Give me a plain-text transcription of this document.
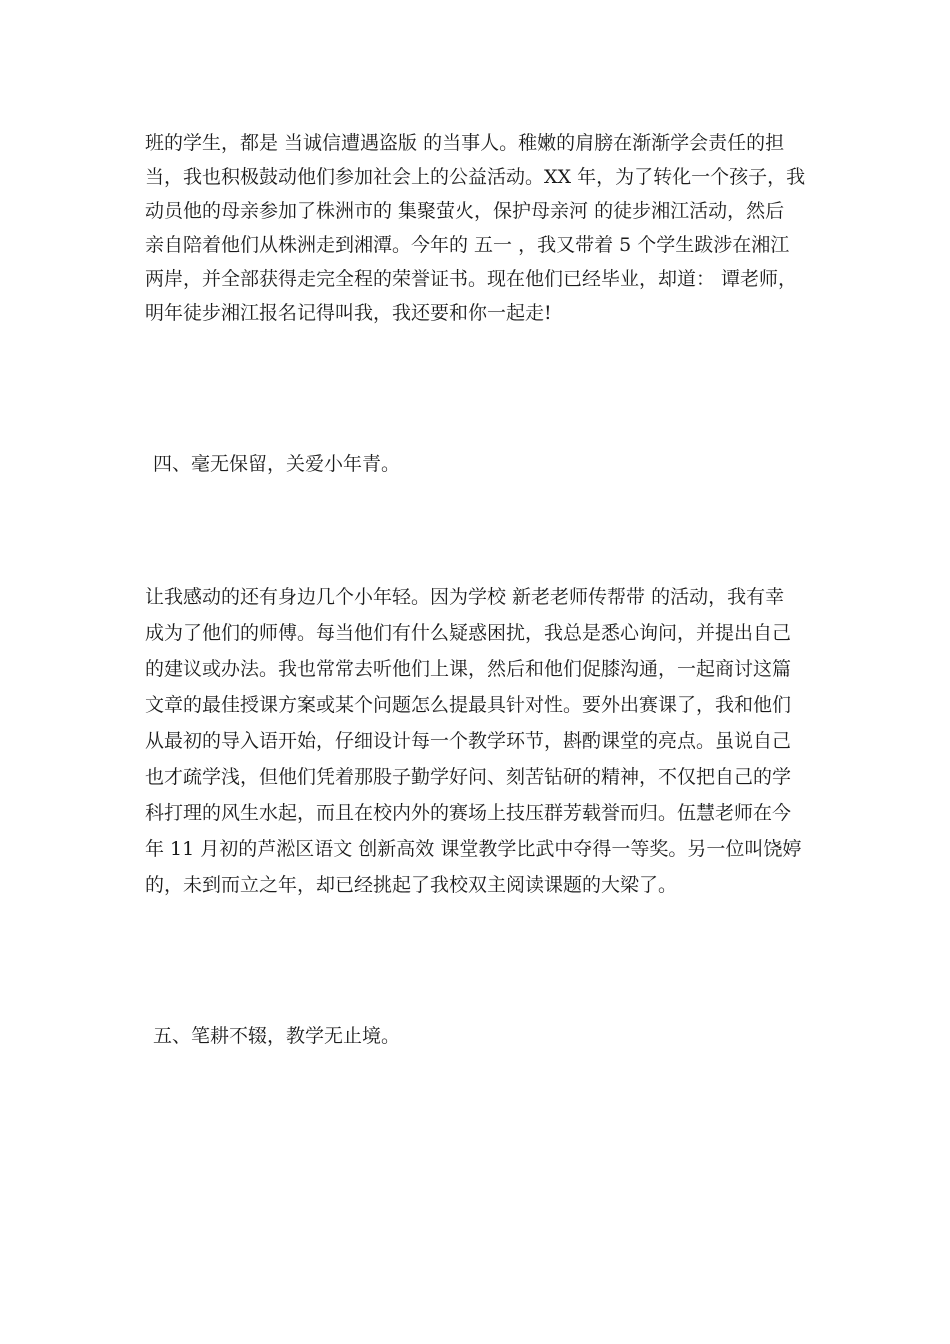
班的学生，都是 当诚信遭遇盗版 的当事人。稚嫩的肩膀在渐渐学会责任的担
当，我也积极鼓动他们参加社会上的公益活动。XX 年，为了转化一个孩子，我
动员他的母亲参加了株洲市的 集聚萤火，保护母亲河 的徒步湘江活动，然后
亲自陪着他们从株洲走到湘潭。今年的 五一 ，我又带着 5 个学生跋涉在湘江
两岸，并全部获得走完全程的荣誉证书。现在他们已经毕业，却道： 谭老师，
明年徒步湘江报名记得叫我，我还要和你一起走!
四、毫无保留，关爱小年青。
让我感动的还有身边几个小年轻。因为学校 新老老师传帮带 的活动，我有幸
成为了他们的师傅。每当他们有什么疑惑困扰，我总是悉心询问，并提出自己
的建议或办法。我也常常去听他们上课，然后和他们促膝沟通，一起商讨这篇
文章的最佳授课方案或某个问题怎么提最具针对性。要外出赛课了，我和他们
从最初的导入语开始，仔细设计每一个教学环节，斟酌课堂的亮点。虽说自己
也才疏学浅，但他们凭着那股子勤学好问、刻苦钻研的精神，不仅把自己的学
科打理的风生水起，而且在校内外的赛场上技压群芳载誉而归。伍慧老师在今
年 11 月初的芦淞区语文 创新高效 课堂教学比武中夺得一等奖。另一位叫饶婷
的，未到而立之年，却已经挑起了我校双主阅读课题的大梁了。
五、笔耕不辍，教学无止境。
